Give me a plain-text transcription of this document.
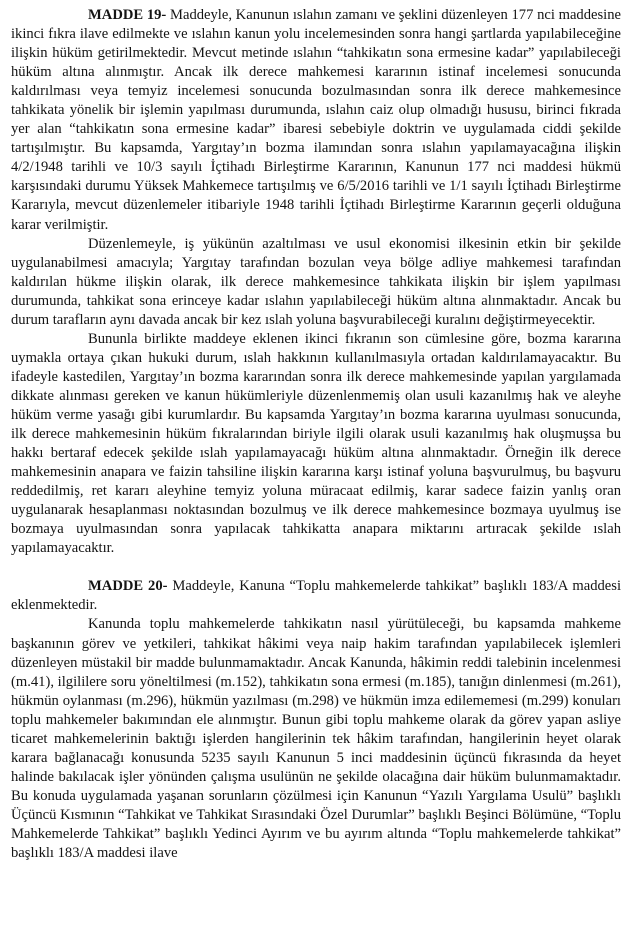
MADDE 19- Maddeyle, Kanunun ıslahın zamanı ve şeklini düzenleyen 177 nci maddesine ikinci fıkra ilave edilmekte ve ıslahın kanun yolu incelemesinden sonra hangi şartlarda yapılabileceğine ilişkin hüküm getirilmektedir. Mevcut metinde ıslahın “tahkikatın sona ermesine kadar” yapılabileceği hüküm altına alınmıştır. Ancak ilk derece mahkemesi kararının istinaf incelemesi sonucunda kaldırılması veya temyiz incelemesi sonucunda bozulmasından sonra ilk derece mahkemesince tahkikata yönelik bir işlemin yapılması durumunda, ıslahın caiz olup olmadığı hususu, birinci fıkrada yer alan “tahkikatın sona ermesine kadar” ibaresi sebebiyle doktrin ve uygulamada ciddi şekilde tartışılmıştır. Bu kapsamda, Yargıtay’ın bozma ilamından sonra ıslahın yapılamayacağına ilişkin 4/2/1948 tarihli ve 10/3 sayılı İçtihadı Birleştirme Kararının, Kanunun 177 nci maddesi hükmü karşısındaki durumu Yüksek Mahkemece tartışılmış ve 6/5/2016 tarihli ve 1/1 sayılı İçtihadı Birleştirme Kararıyla, mevcut düzenlemeler itibariyle 1948 tarihli İçtihadı Birleştirme Kararının geçerli olduğuna karar verilmiştir.

Düzenlemeyle, iş yükünün azaltılması ve usul ekonomisi ilkesinin etkin bir şekilde uygulanabilmesi amacıyla; Yargıtay tarafından bozulan veya bölge adliye mahkemesi tarafından kaldırılan hükme ilişkin olarak, ilk derece mahkemesince tahkikata ilişkin bir işlem yapılması durumunda, tahkikat sona erinceye kadar ıslahın yapılabileceği hüküm altına alınmaktadır. Ancak bu durum tarafların aynı davada ancak bir kez ıslah yoluna başvurabileceği kuralını değiştirmeyecektir.

Bununla birlikte maddeye eklenen ikinci fıkranın son cümlesine göre, bozma kararına uymakla ortaya çıkan hukuki durum, ıslah hakkının kullanılmasıyla ortadan kaldırılamayacaktır. Bu ifadeyle kastedilen, Yargıtay’ın bozma kararından sonra ilk derece mahkemesinde yapılan yargılamada dikkate alınması gereken ve kanun hükümleriyle düzenlenmemiş olan usuli kazanılmış hak ve aleyhe hüküm verme yasağı gibi kurumlardır. Bu kapsamda Yargıtay’ın bozma kararına uyulması sonucunda, ilk derece mahkemesinin hüküm fıkralarından biriyle ilgili olarak usuli kazanılmış hak oluşmuşsa bu hakkı bertaraf edecek şekilde ıslah yapılamayacağı hüküm altına alınmaktadır. Örneğin ilk derece mahkemesinin anapara ve faizin tahsiline ilişkin kararına karşı istinaf yoluna başvurulmuş, bu başvuru reddedilmiş, ret kararı aleyhine temyiz yoluna müracaat edilmiş, karar sadece faizin yanlış oran uygulanarak hesaplanması noktasından bozulmuş ve ilk derece mahkemesince bozmaya uyulmuş ise bozmaya uyulmasından sonra yapılacak tahkikatta anapara miktarını artıracak şekilde ıslah yapılamayacaktır.

MADDE 20- Maddeyle, Kanuna “Toplu mahkemelerde tahkikat” başlıklı 183/A maddesi eklenmektedir.

Kanunda toplu mahkemelerde tahkikatın nasıl yürütüleceği, bu kapsamda mahkeme başkanının görev ve yetkileri, tahkikat hâkimi veya naip hakim tarafından yapılabilecek işlemleri düzenleyen müstakil bir madde bulunmamaktadır. Ancak Kanunda, hâkimin reddi talebinin incelenmesi (m.41), ilgililere soru yöneltilmesi (m.152), tahkikatın sona ermesi (m.185), tanığın dinlenmesi (m.261), hükmün oylanması (m.296), hükmün yazılması (m.298) ve hükmün imza edilememesi (m.299) konuları toplu mahkemeler bakımından ele alınmıştır. Bunun gibi toplu mahkeme olarak da görev yapan asliye ticaret mahkemelerinin baktığı işlerden hangilerinin tek hâkim tarafından, hangilerinin heyet olarak karara bağlanacağı konusunda 5235 sayılı Kanunun 5 inci maddesinin üçüncü fıkrasında da heyet halinde bakılacak işler yönünden çalışma usulünün ne şekilde olacağına dair hüküm bulunmamaktadır. Bu konuda uygulamada yaşanan sorunların çözülmesi için Kanunun “Yazılı Yargılama Usulü” başlıklı Üçüncü Kısmının “Tahkikat ve Tahkikat Sırasındaki Özel Durumlar” başlıklı Beşinci Bölümüne, “Toplu Mahkemelerde Tahkikat” başlıklı Yedinci Ayırım ve bu ayırım altında “Toplu mahkemelerde tahkikat” başlıklı 183/A maddesi ilave
